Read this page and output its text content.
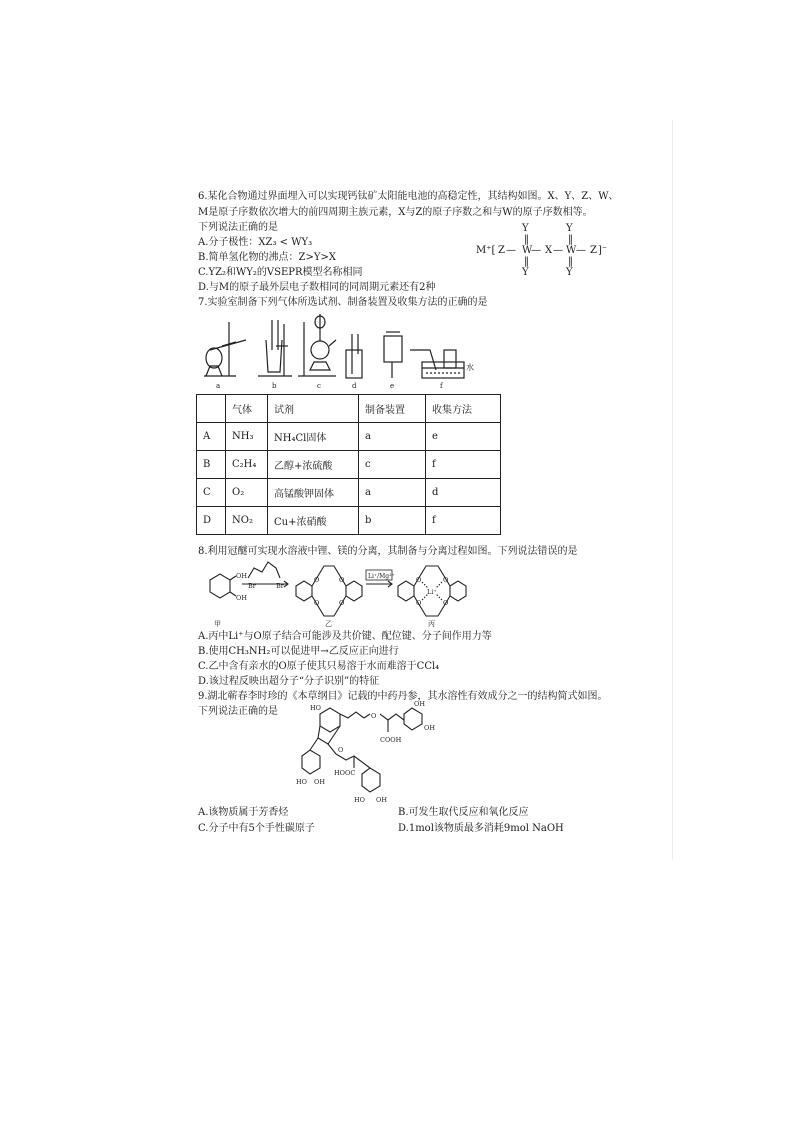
6.某化合物通过界面埋入可以实现钙钛矿太阳能电池的高稳定性，其结构如图。X、Y、Z、W、
M是原子序数依次增大的前四周期主族元素，X与Z的原子序数之和与W的原子序数相等。
下列说法正确的是
A.分子极性：XZ₃ < WY₃
B.简单氢化物的沸点：Z>Y>X
C.YZ₂和WY₂的VSEPR模型名称相同
D.与M的原子最外层电子数相同的同周期元素还有2种
Y	Y
‖	‖
M⁺[ Z — W
— X — W — Z ]⁻
‖	‖
Y	Y
7.实验室制备下列气体所选试剂、制备装置及收集方法的正确的是
a	b	c	d	e	f
水
	气体	试剂	制备装置	收集方法
A	NH₃	NH₄Cl固体	a	e
B	C₂H₄	乙醇+浓硫酸	c	f
C	O₂	高锰酸钾固体	a	d
D	NO₂	Cu+浓硝酸	b	f
8.利用冠醚可实现水溶液中锂、镁的分离，其制备与分离过程如图。下列说法错误的是
OH
OH
Br	Br
O	O
O	O
Li⁺/Mg²⁺	O	O
O	O
Li⁺
甲	乙	丙
A.丙中Li⁺与O原子结合可能涉及共价键、配位键、分子间作用力等
B.使用CH₃NH₂可以促进甲→乙反应正向进行
C.乙中含有亲水的O原子使其只易溶于水而难溶于CCl₄
D.该过程反映出超分子“分子识别”的特征
9.湖北蕲春李时珍的《本草纲目》记载的中药丹参，其水溶性有效成分之一的结构简式如图。
下列说法正确的是	HO
O
OH
OH
COOH
O
HOOC
HO OH
HO OH
A.该物质属于芳香烃	B.可发生取代反应和氧化反应
C.分子中有5个手性碳原子	D.1mol该物质最多消耗9mol NaOH
